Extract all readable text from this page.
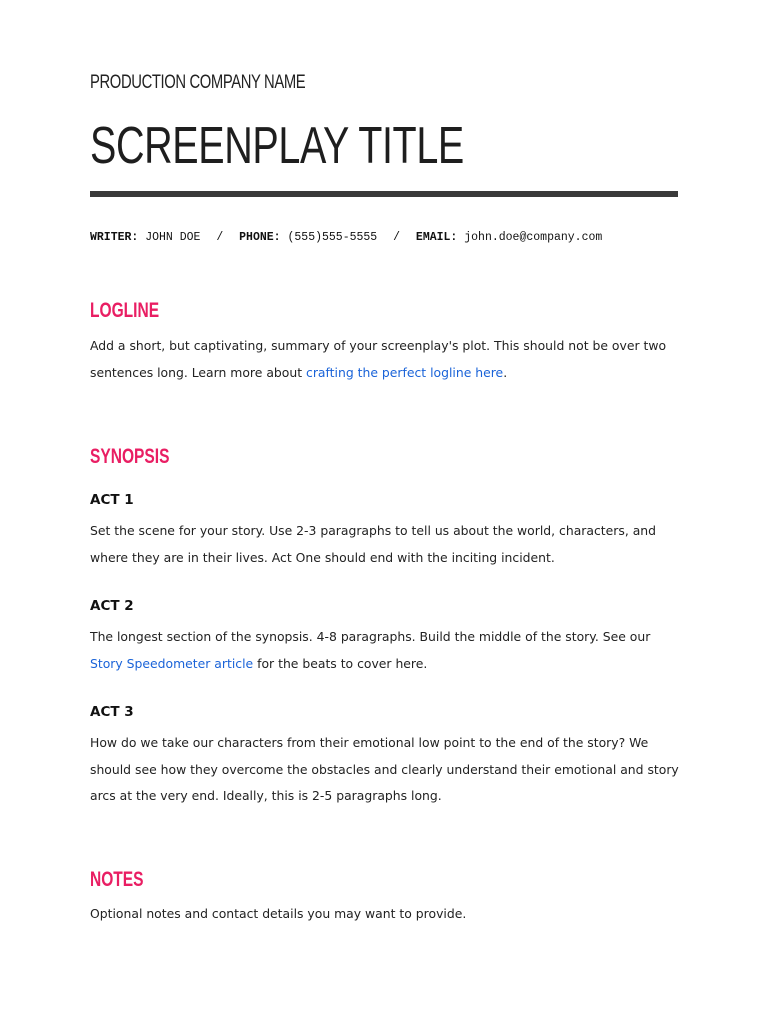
PRODUCTION COMPANY NAME
SCREENPLAY TITLE
WRITER: JOHN DOE / PHONE: (555)555-5555 / EMAIL: john.doe@company.com
LOGLINE
Add a short, but captivating, summary of your screenplay's plot. This should not be over two sentences long. Learn more about crafting the perfect logline here.
SYNOPSIS
ACT 1
Set the scene for your story. Use 2-3 paragraphs to tell us about the world, characters, and where they are in their lives. Act One should end with the inciting incident.
ACT 2
The longest section of the synopsis. 4-8 paragraphs. Build the middle of the story. See our Story Speedometer article for the beats to cover here.
ACT 3
How do we take our characters from their emotional low point to the end of the story? We should see how they overcome the obstacles and clearly understand their emotional and story arcs at the very end. Ideally, this is 2-5 paragraphs long.
NOTES
Optional notes and contact details you may want to provide.
